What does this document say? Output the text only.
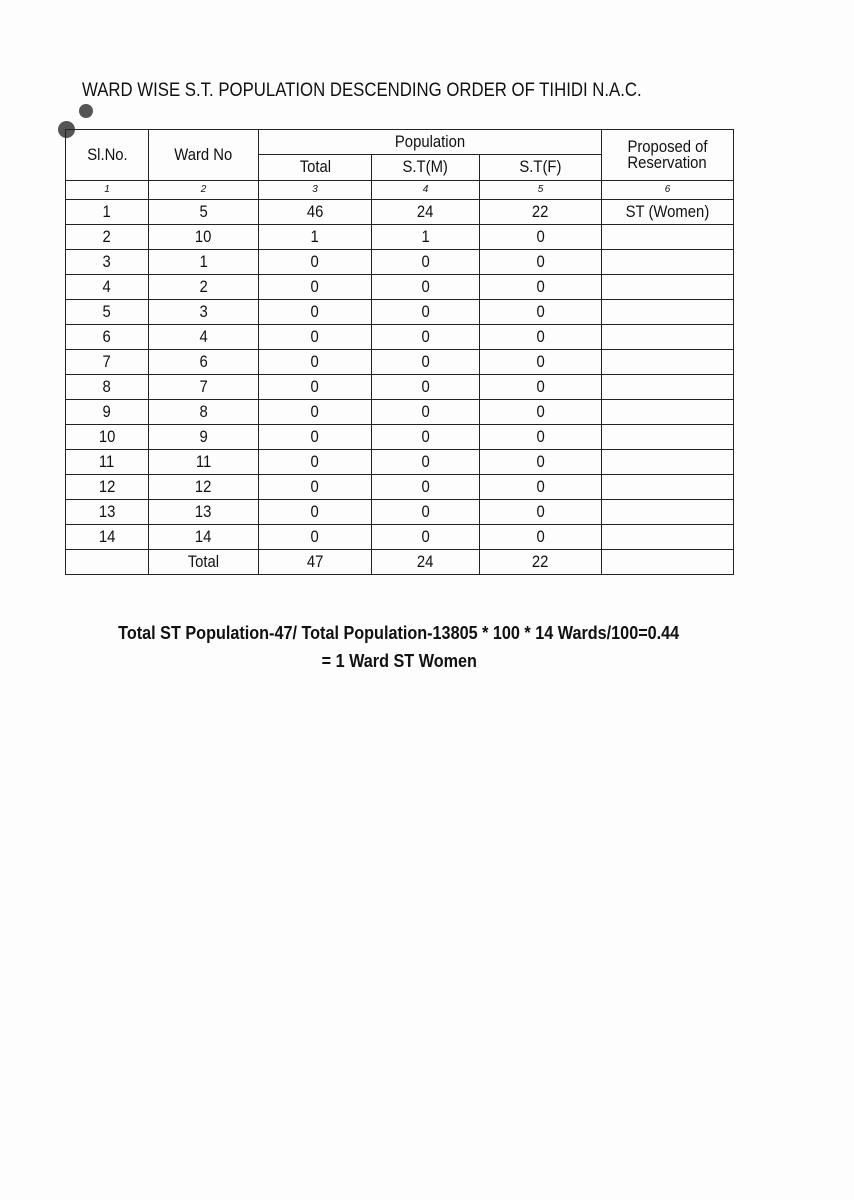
WARD WISE S.T. POPULATION DESCENDING ORDER OF TIHIDI N.A.C.
Sl.No.	Ward No	Population			Proposed of
Reservation
		Total	S.T(M)	S.T(F)	
1	2	3	4	5	6
1	5	46	24	22	ST (Women)
2	10	1	1	0	
3	1	0	0	0	
4	2	0	0	0	
5	3	0	0	0	
6	4	0	0	0	
7	6	0	0	0	
8	7	0	0	0	
9	8	0	0	0	
10	9	0	0	0	
11	11	0	0	0	
12	12	0	0	0	
13	13	0	0	0	
14	14	0	0	0	
	Total	47	24	22	
Total ST Population-47/ Total Population-13805 * 100 * 14 Wards/100=0.44
= 1 Ward ST Women
